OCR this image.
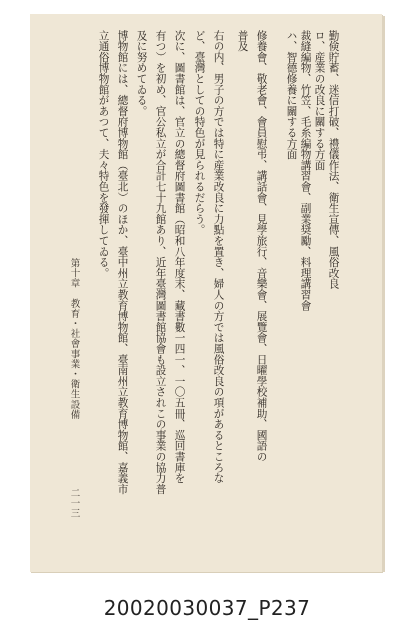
勤倹貯蓄、迷信打破、禮儀作法、衛生宣傳、風俗改良
ロ、産業の改良に關する方面
裁縫編物、竹笠、毛糸編物講習會、副業奨勵、料理講習會
ハ、智德修養に關する方面
修養會、敬老會、會員慰弔、講話會、見學旅行、音樂會、展覽會、日曜學校補助、國語の
普及
右の内、男子の方では特に産業改良に力點を置き、婦人の方では風俗改良の項があるところな
ど、臺灣としての特色が見られるだらう。
次に、圖書館は、官立の總督府圖書館（昭和八年度末、藏書數一四一、一〇五冊、巡回書庫を
有つ）を初め、官公私立が合計七十九館あり、近年臺灣圖書館協會も設立されこの事業の協力普
及に努めてゐる。
博物館には、總督府博物館（臺北）のほか、臺中州立教育博物館、臺南州立教育博物館、嘉義市
立通俗博物館があつて、夫々特色を發揮してゐる。
第十章　教育・社會事業・衛生設備
二一三
20020030037_P237
